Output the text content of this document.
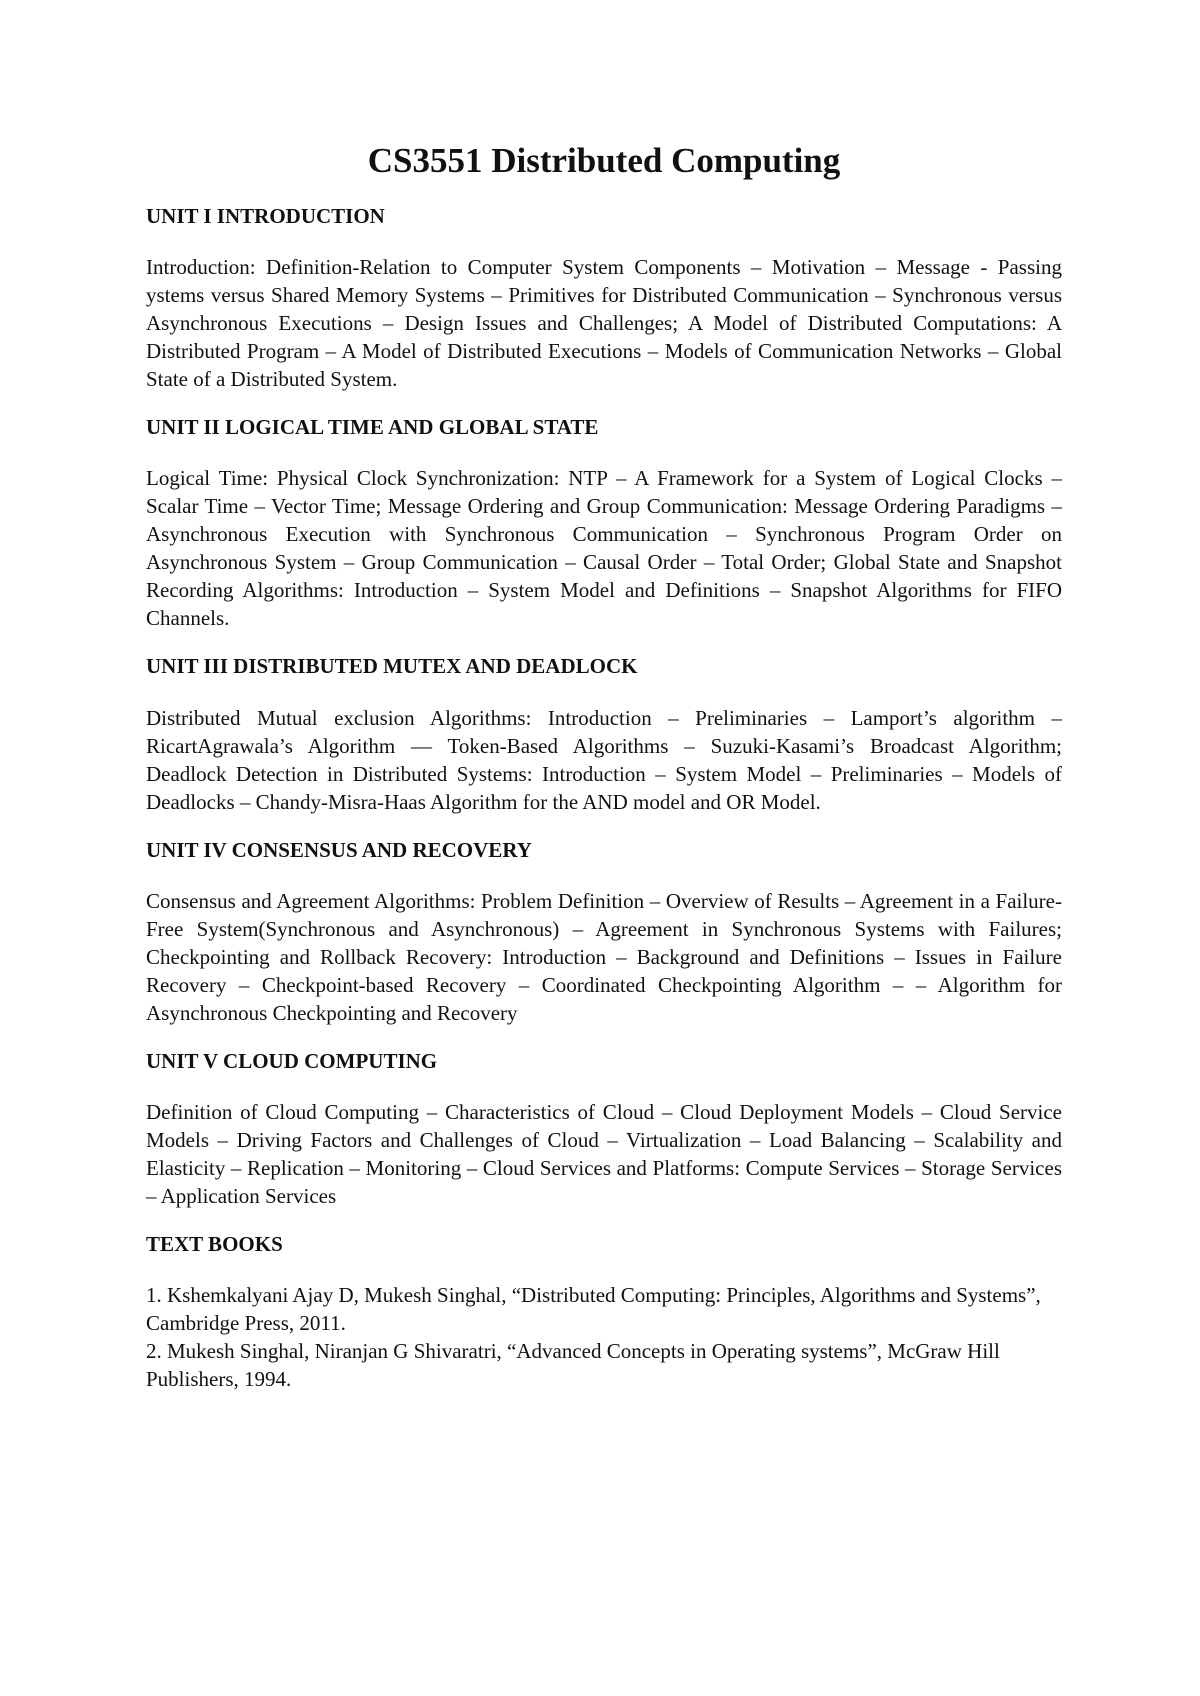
CS3551 Distributed Computing
UNIT I INTRODUCTION

Introduction: Definition-Relation to Computer System Components – Motivation – Message - Passing ystems versus Shared Memory Systems – Primitives for Distributed Communication – Synchronous versus Asynchronous Executions – Design Issues and Challenges; A Model of Distributed Computations: A Distributed Program – A Model of Distributed Executions – Models of Communication Networks – Global State of a Distributed System.

UNIT II LOGICAL TIME AND GLOBAL STATE

Logical Time: Physical Clock Synchronization: NTP – A Framework for a System of Logical Clocks – Scalar Time – Vector Time; Message Ordering and Group Communication: Message Ordering Paradigms – Asynchronous Execution with Synchronous Communication – Synchronous Program Order on Asynchronous System – Group Communication – Causal Order – Total Order; Global State and Snapshot Recording Algorithms: Introduction – System Model and Definitions – Snapshot Algorithms for FIFO Channels.

UNIT III DISTRIBUTED MUTEX AND DEADLOCK

Distributed Mutual exclusion Algorithms: Introduction – Preliminaries – Lamport’s algorithm – RicartAgrawala’s Algorithm –– Token-Based Algorithms – Suzuki-Kasami’s Broadcast Algorithm; Deadlock Detection in Distributed Systems: Introduction – System Model – Preliminaries – Models of Deadlocks – Chandy-Misra-Haas Algorithm for the AND model and OR Model.

UNIT IV CONSENSUS AND RECOVERY

Consensus and Agreement Algorithms: Problem Definition – Overview of Results – Agreement in a Failure-Free System(Synchronous and Asynchronous) – Agreement in Synchronous Systems with Failures; Checkpointing and Rollback Recovery: Introduction – Background and Definitions – Issues in Failure Recovery – Checkpoint-based Recovery – Coordinated Checkpointing Algorithm – – Algorithm for Asynchronous Checkpointing and Recovery

UNIT V CLOUD COMPUTING

Definition of Cloud Computing – Characteristics of Cloud – Cloud Deployment Models – Cloud Service Models – Driving Factors and Challenges of Cloud – Virtualization – Load Balancing – Scalability and Elasticity – Replication – Monitoring – Cloud Services and Platforms: Compute Services – Storage Services – Application Services

TEXT BOOKS

1. Kshemkalyani Ajay D, Mukesh Singhal, “Distributed Computing: Principles, Algorithms and Systems”, Cambridge Press, 2011.

2. Mukesh Singhal, Niranjan G Shivaratri, “Advanced Concepts in Operating systems”, McGraw Hill Publishers, 1994.
